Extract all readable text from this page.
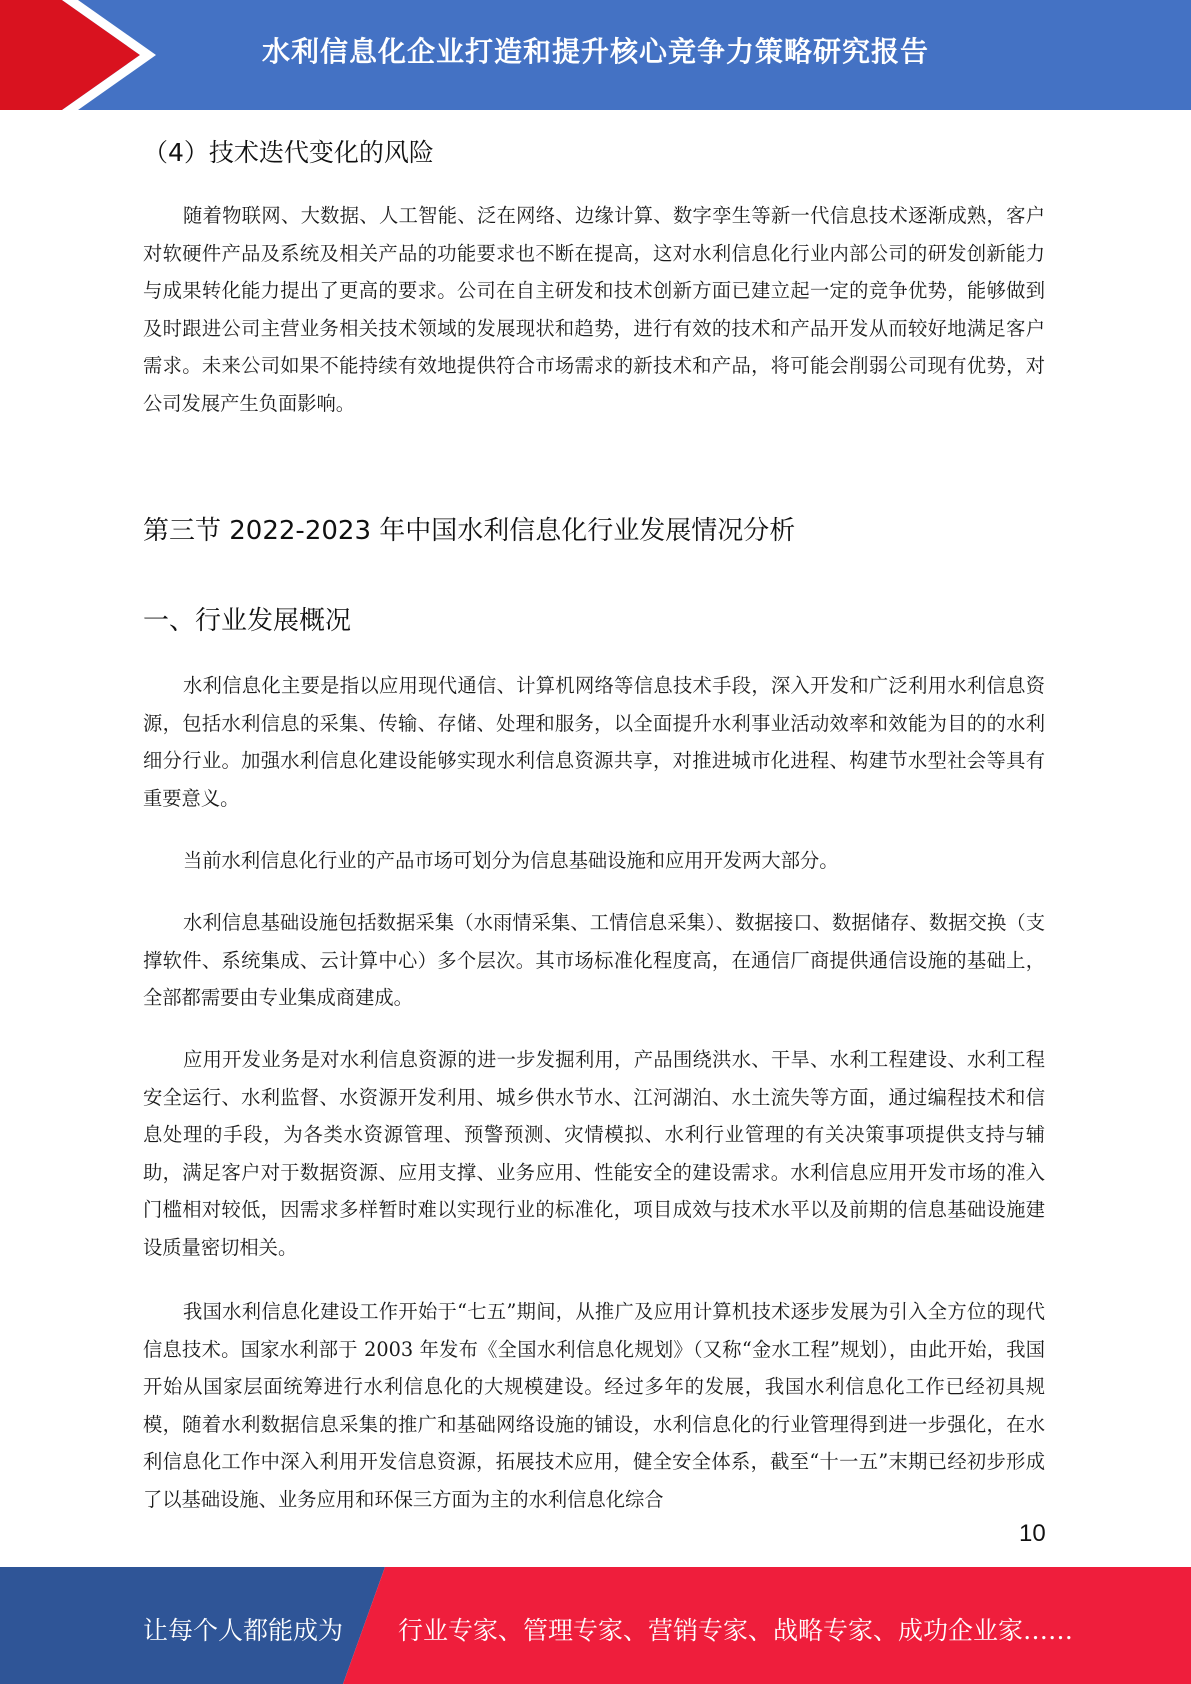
水利信息化企业打造和提升核心竞争力策略研究报告
（4）技术迭代变化的风险
随着物联网、大数据、人工智能、泛在网络、边缘计算、数字孪生等新一代信息技术逐渐成熟，客户对软硬件产品及系统及相关产品的功能要求也不断在提高，这对水利信息化行业内部公司的研发创新能力与成果转化能力提出了更高的要求。公司在自主研发和技术创新方面已建立起一定的竞争优势，能够做到及时跟进公司主营业务相关技术领域的发展现状和趋势，进行有效的技术和产品开发从而较好地满足客户需求。未来公司如果不能持续有效地提供符合市场需求的新技术和产品，将可能会削弱公司现有优势，对公司发展产生负面影响。
第三节 2022-2023 年中国水利信息化行业发展情况分析
一、行业发展概况
水利信息化主要是指以应用现代通信、计算机网络等信息技术手段，深入开发和广泛利用水利信息资源，包括水利信息的采集、传输、存储、处理和服务，以全面提升水利事业活动效率和效能为目的的水利细分行业。加强水利信息化建设能够实现水利信息资源共享，对推进城市化进程、构建节水型社会等具有重要意义。
当前水利信息化行业的产品市场可划分为信息基础设施和应用开发两大部分。
水利信息基础设施包括数据采集（水雨情采集、工情信息采集）、数据接口、数据储存、数据交换（支撑软件、系统集成、云计算中心）多个层次。其市场标准化程度高，在通信厂商提供通信设施的基础上，全部都需要由专业集成商建成。
应用开发业务是对水利信息资源的进一步发掘利用，产品围绕洪水、干旱、水利工程建设、水利工程安全运行、水利监督、水资源开发利用、城乡供水节水、江河湖泊、水土流失等方面，通过编程技术和信息处理的手段，为各类水资源管理、预警预测、灾情模拟、水利行业管理的有关决策事项提供支持与辅助，满足客户对于数据资源、应用支撑、业务应用、性能安全的建设需求。水利信息应用开发市场的准入门槛相对较低，因需求多样暂时难以实现行业的标准化，项目成效与技术水平以及前期的信息基础设施建设质量密切相关。
我国水利信息化建设工作开始于“七五”期间，从推广及应用计算机技术逐步发展为引入全方位的现代信息技术。国家水利部于 2003 年发布《全国水利信息化规划》（又称“金水工程”规划），由此开始，我国开始从国家层面统筹进行水利信息化的大规模建设。经过多年的发展，我国水利信息化工作已经初具规模，随着水利数据信息采集的推广和基础网络设施的铺设，水利信息化的行业管理得到进一步强化，在水利信息化工作中深入利用开发信息资源，拓展技术应用，健全安全体系，截至“十一五”末期已经初步形成了以基础设施、业务应用和环保三方面为主的水利信息化综合
10
让每个人都能成为 行业专家、管理专家、营销专家、战略专家、成功企业家……
